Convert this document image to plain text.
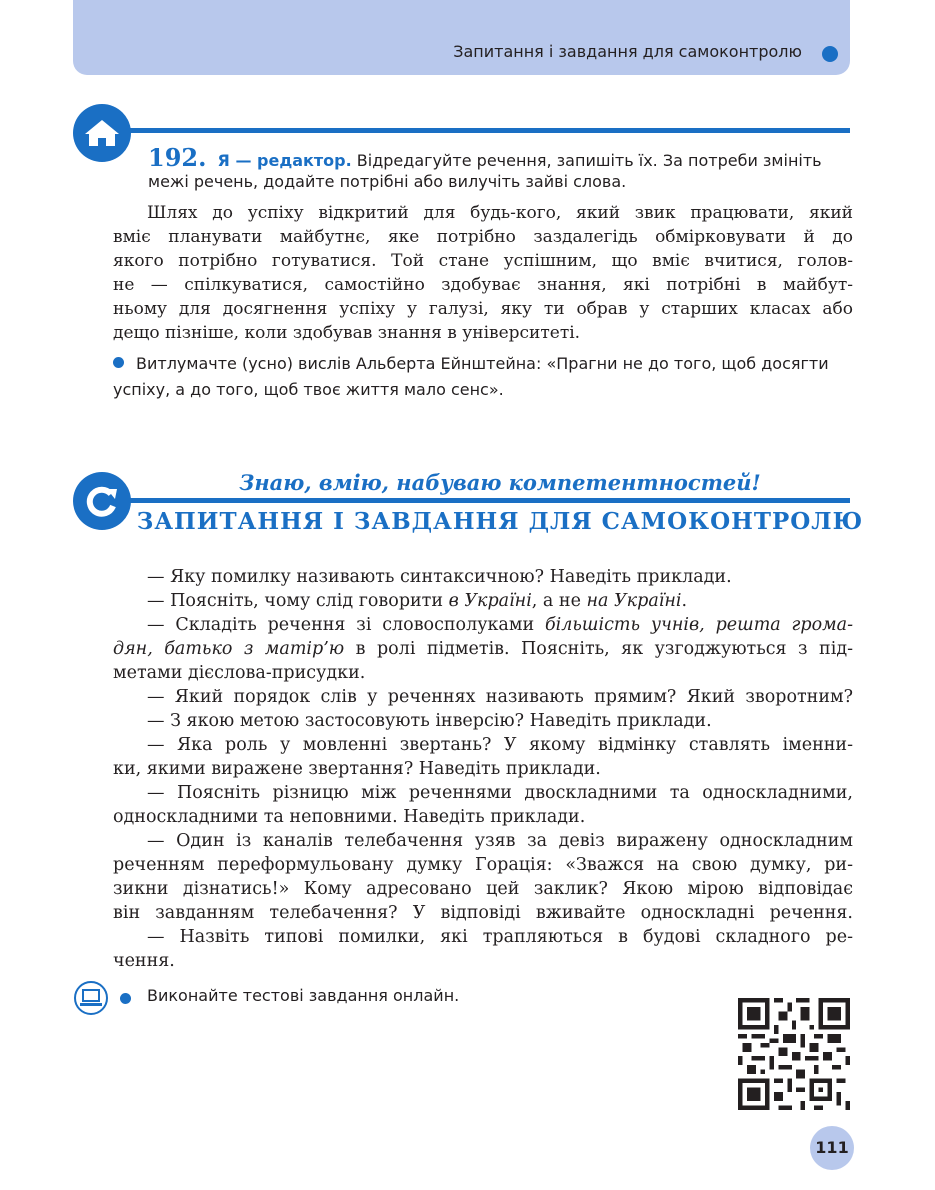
Запитання і завдання для самоконтролю
192. Я — редактор. Відредагуйте речення, запишіть їх. За потреби змініть
межі речень, додайте потрібні або вилучіть зайві слова.
Шлях до успіху відкритий для будь-кого, який звик працювати, який
вміє планувати майбутнє, яке потрібно заздалегідь обмірковувати й до
якого потрібно готуватися. Той стане успішним, що вміє вчитися, голов-
не — спілкуватися, самостійно здобуває знання, які потрібні в майбут-
ньому для досягнення успіху у галузі, яку ти обрав у старших класах або
дещо пізніше, коли здобував знання в університеті.
Витлумачте (усно) вислів Альберта Ейнштейна: «Прагни не до того, щоб досягти
успіху, а до того, щоб твоє життя мало сенс».
Знаю, вмію, набуваю компетентностей!
ЗАПИТАННЯ І ЗАВДАННЯ ДЛЯ САМОКОНТРОЛЮ
— Яку помилку називають синтаксичною? Наведіть приклади.
— Поясніть, чому слід говорити в Україні, а не на Україні.
— Складіть речення зі словосполуками більшість учнів, решта грома-
дян, батько з матір’ю в ролі підметів. Поясніть, як узгоджуються з під-
метами дієслова-присудки.
— Який порядок слів у реченнях називають прямим? Який зворотним?
— З якою метою застосовують інверсію? Наведіть приклади.
— Яка роль у мовленні звертань? У якому відмінку ставлять іменни-
ки, якими виражене звертання? Наведіть приклади.
— Поясніть різницю між реченнями двоскладними та односкладними,
односкладними та неповними. Наведіть приклади.
— Один із каналів телебачення узяв за девіз виражену односкладним
реченням переформульовану думку Горація: «Зважся на свою думку, ри-
зикни дізнатись!» Кому адресовано цей заклик? Якою мірою відповідає
він завданням телебачення? У відповіді вживайте односкладні речення.
— Назвіть типові помилки, які трапляються в будові складного ре-
чення.
Виконайте тестові завдання онлайн.
111
